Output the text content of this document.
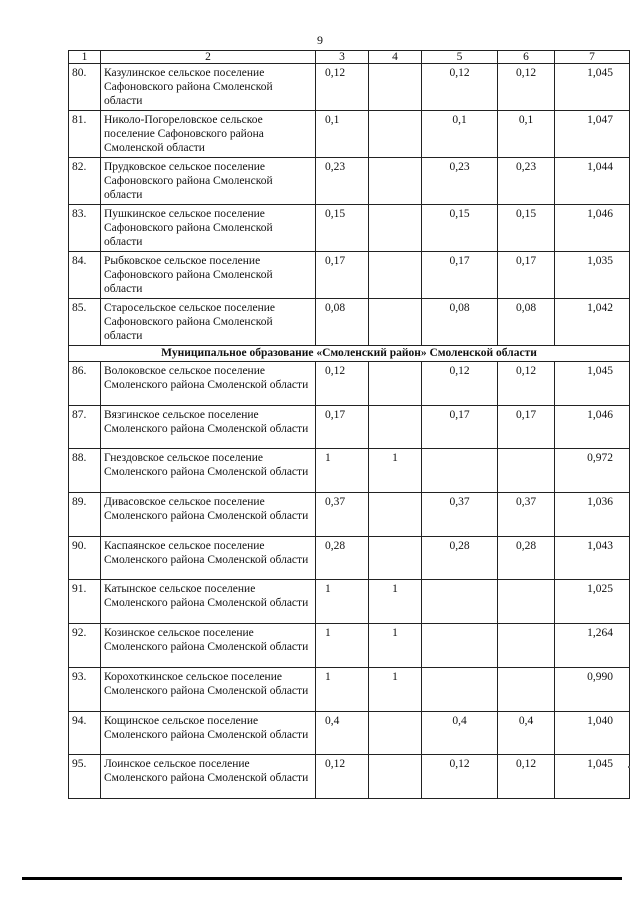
9
1	2	3	4	5	6	7
80.	Казулинское сельское поселение Сафоновского района Смоленской области	0,12		0,12	0,12	1,045
81.	Николо-Погореловское сельское поселение Сафоновского района Смоленской области	0,1		0,1	0,1	1,047
82.	Прудковское сельское поселение Сафоновского района Смоленской области	0,23		0,23	0,23	1,044
83.	Пушкинское сельское поселение Сафоновского района Смоленской области	0,15		0,15	0,15	1,046
84.	Рыбковское сельское поселение Сафоновского района Смоленской области	0,17		0,17	0,17	1,035
85.	Старосельское сельское поселение Сафоновского района Смоленской области	0,08		0,08	0,08	1,042
Муниципальное образование «Смоленский район» Смоленской области						
86.	Волоковское сельское поселение Смоленского района Смоленской области	0,12		0,12	0,12	1,045
87.	Вязгинское сельское поселение Смоленского района Смоленской области	0,17		0,17	0,17	1,046
88.	Гнездовское сельское поселение Смоленского района Смоленской области	1	1			0,972
89.	Дивасовское сельское поселение Смоленского района Смоленской области	0,37		0,37	0,37	1,036
90.	Каспаянское сельское поселение Смоленского района Смоленской области	0,28		0,28	0,28	1,043
91.	Катынское сельское поселение Смоленского района Смоленской области	1	1			1,025
92.	Козинское сельское поселение Смоленского района Смоленской области	1	1			1,264
93.	Корохоткинское сельское поселение Смоленского района Смоленской области	1	1			0,990
94.	Кощинское сельское поселение Смоленского района Смоленской области	0,4		0,4	0,4	1,040
95.	Лоинское сельское поселение Смоленского района Смоленской области	0,12		0,12	0,12	1,045
